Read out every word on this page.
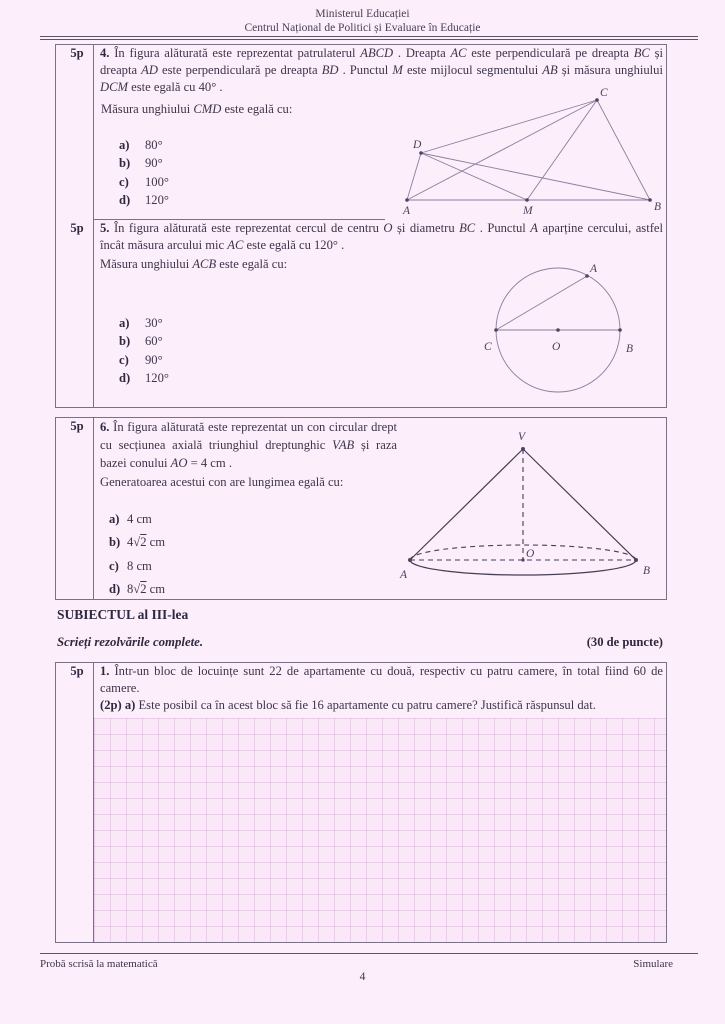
Ministerul Educației
Centrul Național de Politici și Evaluare în Educație
5p	4. În figura alăturată este reprezentat patrulaterul ABCD . Dreapta AC este perpendiculară pe dreapta BC și dreapta AD este perpendiculară pe dreapta BD . Punctul M este mijlocul segmentului AB și măsura unghiului DCM este egală cu 40° .
Măsura unghiului CMD este egală cu:
a) 80°
b) 90°
c) 100°
d) 120°
A
D
C
M	B
5p	5. În figura alăturată este reprezentat cercul de centru O și diametru BC . Punctul A aparține cercului, astfel încât măsura arcului mic AC este egală cu 120° .
Măsura unghiului ACB este egală cu:
a) 30°
b) 60°
c) 90°
d) 120°
A
C	O	B
5p	6. În figura alăturată este reprezentat un con circular drept cu secțiunea axială triunghiul dreptunghic VAB și raza bazei conului AO = 4 cm .
Generatoarea acestui con are lungimea egală cu:
a) 4 cm
b) 4√2 cm
c) 8 cm
d) 8√2 cm
V
A	B
O
SUBIECTUL al III-lea
Scrieți rezolvările complete.	(30 de puncte)
5p	1. Într-un bloc de locuințe sunt 22 de apartamente cu două, respectiv cu patru camere, în total fiind 60 de camere.
(2p) a) Este posibil ca în acest bloc să fie 16 apartamente cu patru camere? Justifică răspunsul dat.
Probă scrisă la matematică	Simulare
4
